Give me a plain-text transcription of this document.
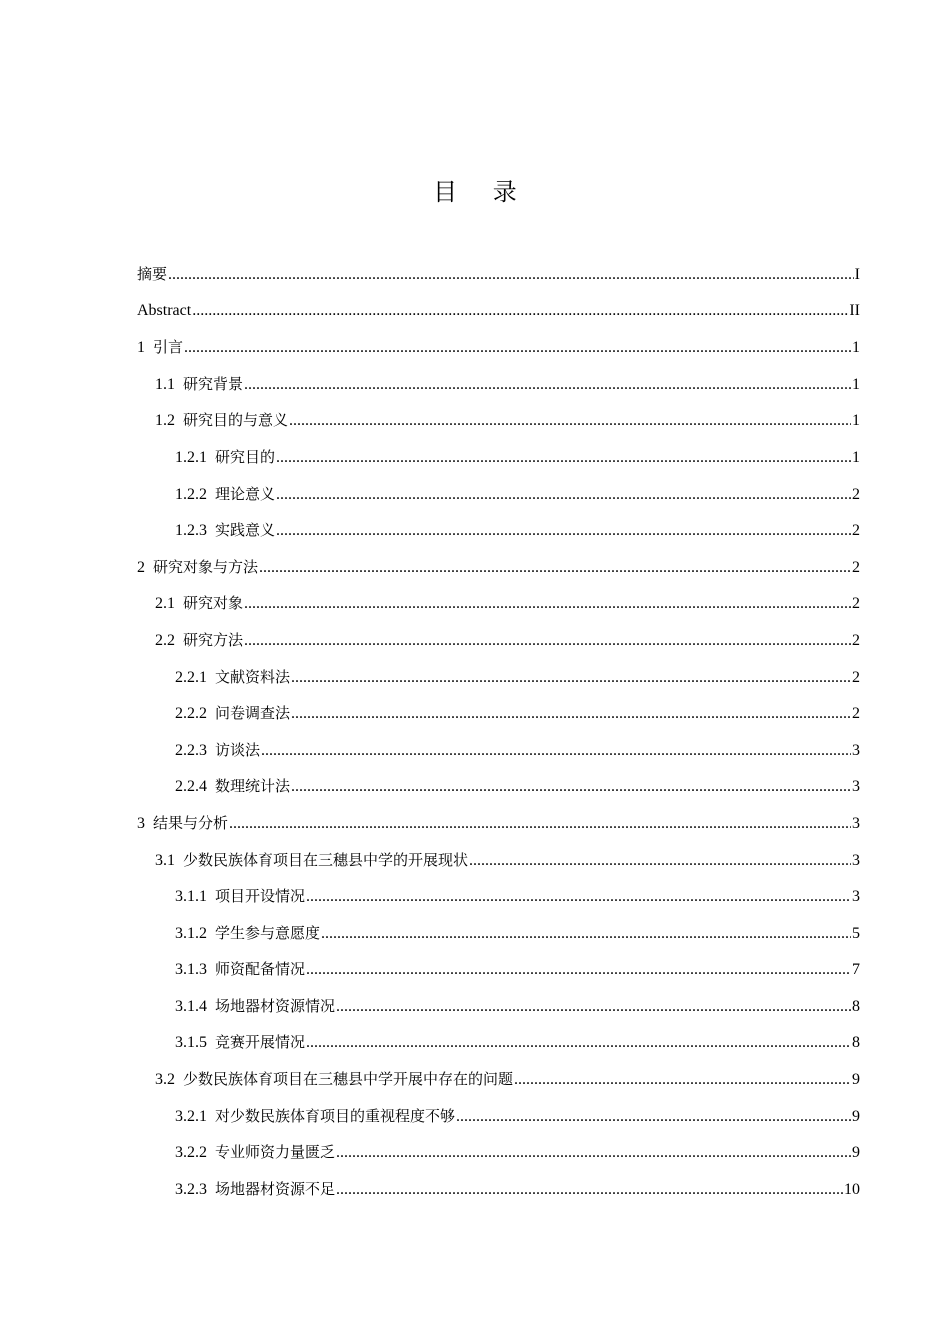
目 录
摘要 .....	I
Abstract .....	II
1 引言 .....	1
1.1 研究背景 .....	1
1.2 研究目的与意义 .....	1
1.2.1 研究目的 .....	1
1.2.2 理论意义 .....	2
1.2.3 实践意义 .....	2
2 研究对象与方法 .....	2
2.1 研究对象 .....	2
2.2 研究方法 .....	2
2.2.1 文献资料法 .....	2
2.2.2 问卷调查法 .....	2
2.2.3 访谈法 .....	3
2.2.4 数理统计法 .....	3
3 结果与分析 .....	3
3.1 少数民族体育项目在三穗县中学的开展现状 .....	3
3.1.1 项目开设情况 .....	3
3.1.2 学生参与意愿度 .....	5
3.1.3 师资配备情况 .....	7
3.1.4 场地器材资源情况 .....	8
3.1.5 竞赛开展情况 .....	8
3.2 少数民族体育项目在三穗县中学开展中存在的问题 .....	9
3.2.1 对少数民族体育项目的重视程度不够 .....	9
3.2.2 专业师资力量匮乏 .....	9
3.2.3 场地器材资源不足 .....	10
